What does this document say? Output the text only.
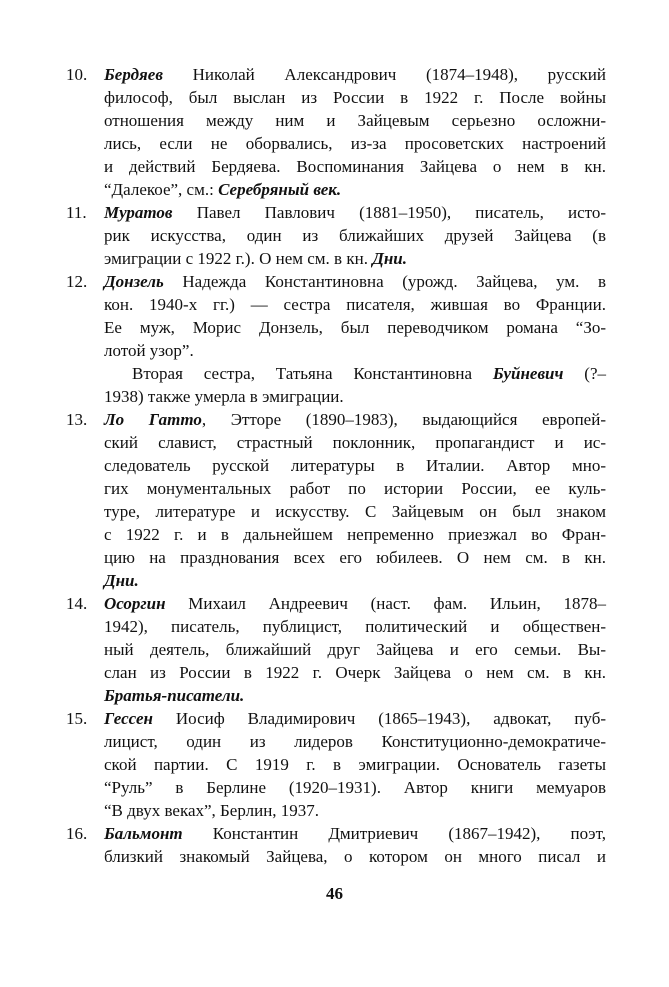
10. Бердяев Николай Александрович (1874–1948), русский
философ, был выслан из России в 1922 г. После войны
отношения между ним и Зайцевым серьезно осложни-
лись, если не оборвались, из-за просоветских настроений
и действий Бердяева. Воспоминания Зайцева о нем в кн.
“Далекое”, см.: Серебряный век.
11.	Муратов Павел Павлович (1881–1950), писатель, исто-
рик искусства, один из ближайших друзей Зайцева (в
эмиграции с 1922 г.). О нем см. в кн. Дни.
12. Донзель Надежда Константиновна (урожд. Зайцева, ум. в
кон. 1940-х гг.) — сестра писателя, жившая во Франции.
Ее муж, Морис Донзель, был переводчиком романа “Зо-
лотой узор”.
Вторая сестра, Татьяна Константиновна Буйневич (?–
1938) также умерла в эмиграции.
13. Ло Гатто, Этторе (1890–1983), выдающийся европей-
ский славист, страстный поклонник, пропагандист и ис-
следователь русской литературы в Италии. Автор мно-
гих монументальных работ по истории России, ее куль-
туре, литературе и искусству. С Зайцевым он был знаком
с 1922 г. и в дальнейшем непременно приезжал во Фран-
цию на празднования всех его юбилеев. О нем см. в кн.
Дни.
14. Осоргин Михаил Андреевич (наст. фам. Ильин, 1878–
1942), писатель, публицист, политический и обществен-
ный деятель, ближайший друг Зайцева и его семьи. Вы-
слан из России в 1922 г. Очерк Зайцева о нем см. в кн.
Братья-писатели.
15. Гессен Иосиф Владимирович (1865–1943), адвокат, пуб-
лицист, один из лидеров Конституционно-демократиче-
ской партии. С 1919 г. в эмиграции. Основатель газеты
“Руль” в Берлине (1920–1931). Автор книги мемуаров
“В двух веках”, Берлин, 1937.
16. Бальмонт Константин Дмитриевич (1867–1942), поэт,
близкий знакомый Зайцева, о котором он много писал и
46
